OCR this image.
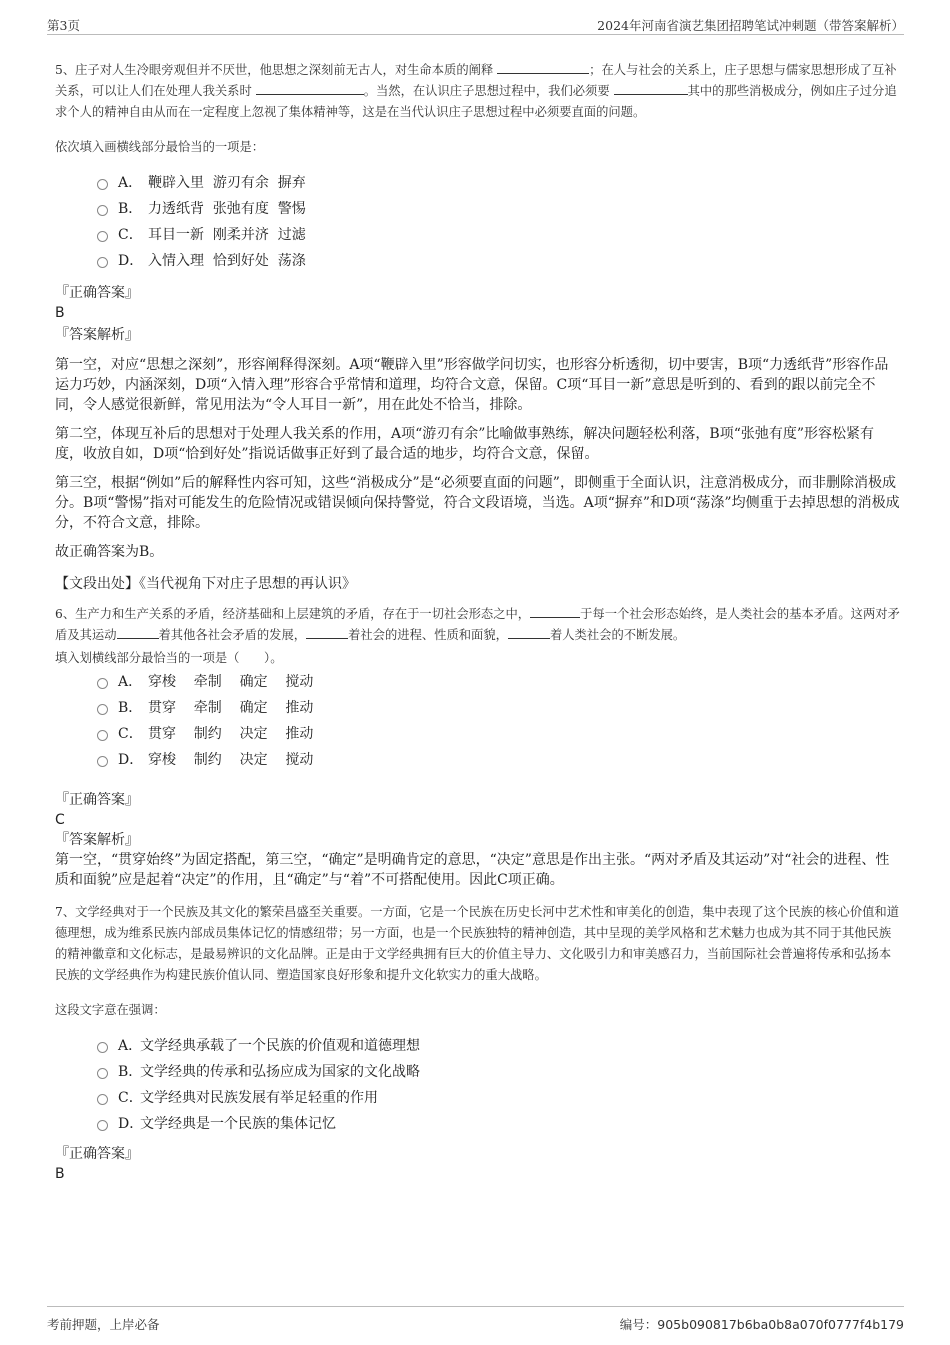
第3页	2024年河南省演艺集团招聘笔试冲刺题（带答案解析）

5、庄子对人生冷眼旁观但并不厌世，他思想之深刻前无古人，对生命本质的阐释	；在人与社会的关系上，庄子思想与儒家思想形成了互补关系，可以让人们在处理人我关系时	。当然，在认识庄子思想过程中，我们必须要	其中的那些消极成分，例如庄子过分追求个人的精神自由从而在一定程度上忽视了集体精神等，这是在当代认识庄子思想过程中必须要直面的问题。

依次填入画横线部分最恰当的一项是：

A． 鞭辟入里  游刃有余  摒弃
B． 力透纸背  张弛有度  警惕
C． 耳目一新  刚柔并济  过滤
D． 入情入理  恰到好处  荡涤

『正确答案』

B

『答案解析』

第一空，对应“思想之深刻”，形容阐释得深刻。A项“鞭辟入里”形容做学问切实，也形容分析透彻，切中要害，B项“力透纸背”形容作品运力巧妙，内涵深刻，D项“入情入理”形容合乎常情和道理，均符合文意，保留。C项“耳目一新”意思是听到的、看到的跟以前完全不同，令人感觉很新鲜，常见用法为“令人耳目一新”，用在此处不恰当，排除。

第二空，体现互补后的思想对于处理人我关系的作用，A项“游刃有余”比喻做事熟练，解决问题轻松利落，B项“张弛有度”形容松紧有度，收放自如，D项“恰到好处”指说话做事正好到了最合适的地步，均符合文意，保留。

第三空，根据“例如”后的解释性内容可知，这些“消极成分”是“必须要直面的问题”，即侧重于全面认识，注意消极成分，而非删除消极成分。B项“警惕”指对可能发生的危险情况或错误倾向保持警觉，符合文段语境，当选。A项“摒弃”和D项“荡涤”均侧重于去掉思想的消极成分，不符合文意，排除。

故正确答案为B。

【文段出处】《当代视角下对庄子思想的再认识》

6、生产力和生产关系的矛盾，经济基础和上层建筑的矛盾，存在于一切社会形态之中，	于每一个社会形态始终，是人类社会的基本矛盾。这两对矛盾及其运动	着其他各社会矛盾的发展，	着社会的进程、性质和面貌，	着人类社会的不断发展。

填入划横线部分最恰当的一项是（　　）。

A． 穿梭    牵制    确定    搅动
B． 贯穿    牵制    确定    推动
C． 贯穿    制约    决定    推动
D． 穿梭    制约    决定    搅动

『正确答案』

C

『答案解析』

第一空，“贯穿始终”为固定搭配，第三空，“确定”是明确肯定的意思，“决定”意思是作出主张。“两对矛盾及其运动”对“社会的进程、性质和面貌”应是起着“决定”的作用，且“确定”与“着”不可搭配使用。因此C项正确。

7、文学经典对于一个民族及其文化的繁荣昌盛至关重要。一方面，它是一个民族在历史长河中艺术性和审美化的创造，集中表现了这个民族的核心价值和道德理想，成为维系民族内部成员集体记忆的情感纽带；另一方面，也是一个民族独特的精神创造，其中呈现的美学风格和艺术魅力也成为其不同于其他民族的精神徽章和文化标志，是最易辨识的文化品牌。正是由于文学经典拥有巨大的价值主导力、文化吸引力和审美感召力，当前国际社会普遍将传承和弘扬本民族的文学经典作为构建民族价值认同、塑造国家良好形象和提升文化软实力的重大战略。

这段文字意在强调：

A．
文学经典承载了一个民族的价值观和道德理想
B．
文学经典的传承和弘扬应成为国家的文化战略
C．
文学经典对民族发展有举足轻重的作用
D．
文学经典是一个民族的集体记忆

『正确答案』

B

考前押题，上岸必备	编号：905b090817b6ba0b8a070f0777f4b179
